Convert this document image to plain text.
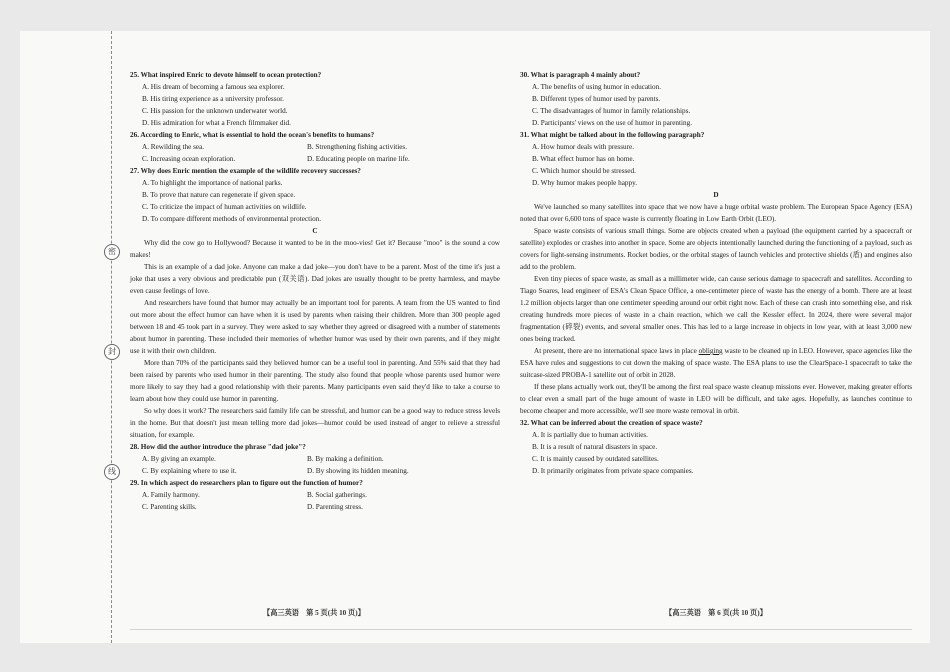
密
封
线

25. What inspired Enric to devote himself to ocean protection?

A. His dream of becoming a famous sea explorer.

B. His tiring experience as a university professor.

C. His passion for the unknown underwater world.

D. His admiration for what a French filmmaker did.

26. According to Enric, what is essential to hold the ocean's benefits to humans?

A. Rewilding the sea.	B. Strengthening fishing activities.
C. Increasing ocean exploration.	D. Educating people on marine life.

27. Why does Enric mention the example of the wildlife recovery successes?

A. To highlight the importance of national parks.

B. To prove that nature can regenerate if given space.

C. To criticize the impact of human activities on wildlife.

D. To compare different methods of environmental protection.

C

Why did the cow go to Hollywood? Because it wanted to be in the moo-vies! Get it? Because "moo" is the sound a cow makes!

This is an example of a dad joke. Anyone can make a dad joke—you don't have to be a parent. Most of the time it's just a joke that uses a very obvious and predictable pun (双关语). Dad jokes are usually thought to be pretty harmless, and maybe even cause feelings of love.

And researchers have found that humor may actually be an important tool for parents. A team from the US wanted to find out more about the effect humor can have when it is used by parents when raising their children. More than 300 people aged between 18 and 45 took part in a survey. They were asked to say whether they agreed or disagreed with a number of statements about humor in parenting. These included their memories of whether humor was used by their own parents, and if they might use it with their own children.

More than 70% of the participants said they believed humor can be a useful tool in parenting. And 55% said that they had been raised by parents who used humor in their parenting. The study also found that people whose parents used humor were more likely to say they had a good relationship with their parents. Many participants even said they'd like to take a course to learn about how they could use humor in parenting.

So why does it work? The researchers said family life can be stressful, and humor can be a good way to reduce stress levels in the home. But that doesn't just mean telling more dad jokes—humor could be used instead of anger to relieve a stressful situation, for example.

28. How did the author introduce the phrase "dad joke"?

A. By giving an example.	B. By making a definition.
C. By explaining where to use it.	D. By showing its hidden meaning.

29. In which aspect do researchers plan to figure out the function of humor?

A. Family harmony.	B. Social gatherings.
C. Parenting skills.	D. Parenting stress.

30. What is paragraph 4 mainly about?

A. The benefits of using humor in education.

B. Different types of humor used by parents.

C. The disadvantages of humor in family relationships.

D. Participants' views on the use of humor in parenting.

31. What might be talked about in the following paragraph?

A. How humor deals with pressure.

B. What effect humor has on home.

C. Which humor should be stressed.

D. Why humor makes people happy.

D

We've launched so many satellites into space that we now have a huge orbital waste problem. The European Space Agency (ESA) noted that over 6,600 tons of space waste is currently floating in Low Earth Orbit (LEO).

Space waste consists of various small things. Some are objects created when a payload (the equipment carried by a spacecraft or satellite) explodes or crashes into another in space. Some are objects intentionally launched during the functioning of a payload, such as covers for light-sensing instruments. Rocket bodies, or the orbital stages of launch vehicles and protective shields (盾) and engines also add to the problem.

Even tiny pieces of space waste, as small as a millimeter wide, can cause serious damage to spacecraft and satellites. According to Tiago Soares, lead engineer of ESA's Clean Space Office, a one-centimeter piece of waste has the energy of a bomb. There are at least 1.2 million objects larger than one centimeter speeding around our orbit right now. Each of these can crash into something else, and risk creating hundreds more pieces of waste in a chain reaction, which we call the Kessler effect. In 2024, there were several major fragmentation (碎裂) events, and several smaller ones. This has led to a large increase in objects in low year, with at least 3,000 new ones being tracked.

At present, there are no international space laws in place obliging waste to be cleaned up in LEO. However, space agencies like the ESA have rules and suggestions to cut down the making of space waste. The ESA plans to use the ClearSpace-1 spacecraft to take the suitcase-sized PROBA-1 satellite out of orbit in 2028.

If these plans actually work out, they'll be among the first real space waste cleanup missions ever. However, making greater efforts to clear even a small part of the huge amount of waste in LEO will be difficult, and take ages. Hopefully, as launches continue to become cheaper and more accessible, we'll see more waste removal in orbit.

32. What can be inferred about the creation of space waste?

A. It is partially due to human activities.

B. It is a result of natural disasters in space.

C. It is mainly caused by outdated satellites.

D. It primarily originates from private space companies.

【高三英语　第 5 页(共 10 页)】	【高三英语　第 6 页(共 10 页)】
